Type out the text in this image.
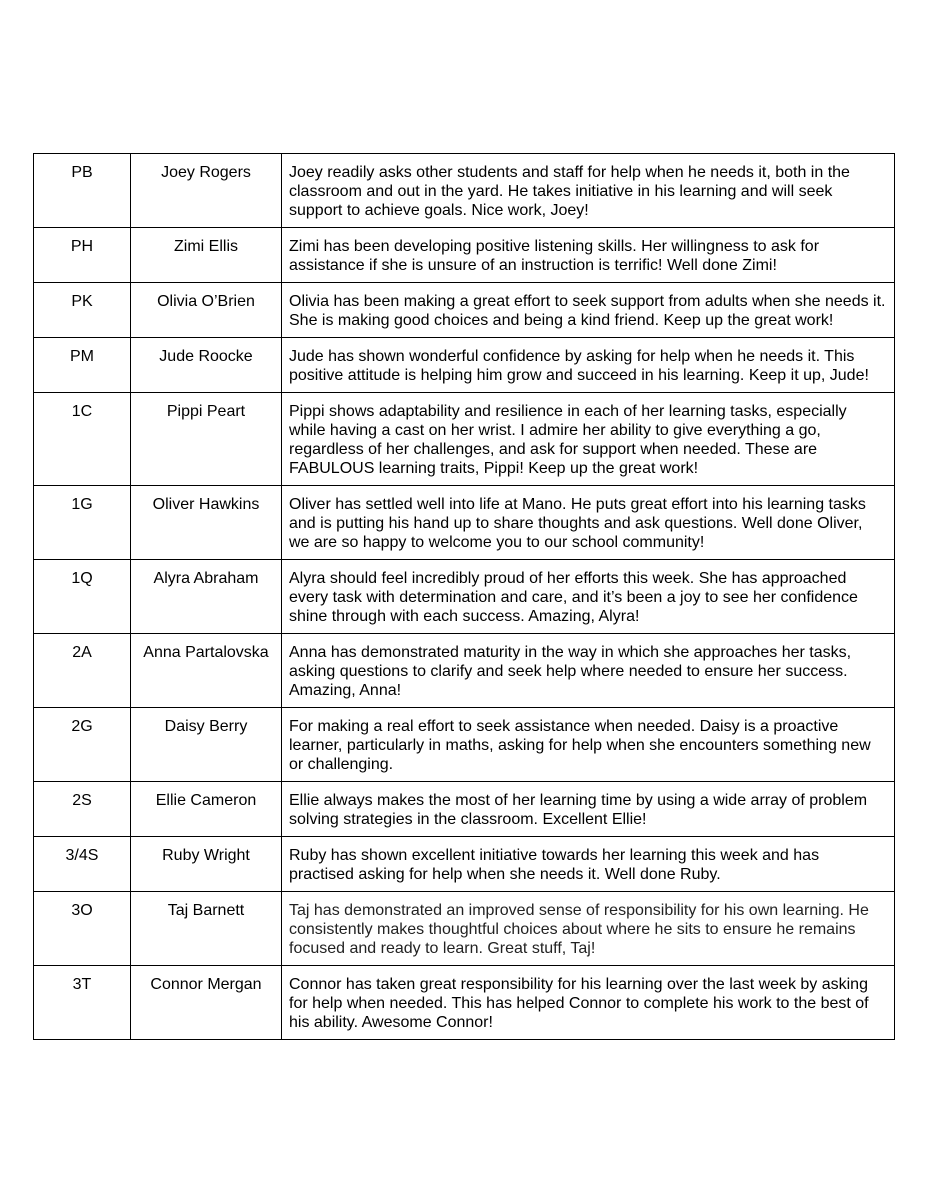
PB	Joey Rogers	Joey readily asks other students and staff for help when he needs it, both in the classroom and out in the yard. He takes initiative in his learning and will seek support to achieve goals. Nice work, Joey!
PH	Zimi Ellis	Zimi has been developing positive listening skills. Her willingness to ask for assistance if she is unsure of an instruction is terrific! Well done Zimi!
PK	Olivia O’Brien	Olivia has been making a great effort to seek support from adults when she needs it. She is making good choices and being a kind friend. Keep up the great work!
PM	Jude Roocke	Jude has shown wonderful confidence by asking for help when he needs it. This positive attitude is helping him grow and succeed in his learning. Keep it up, Jude!
1C	Pippi Peart	Pippi shows adaptability and resilience in each of her learning tasks, especially while having a cast on her wrist. I admire her ability to give everything a go, regardless of her challenges, and ask for support when needed. These are FABULOUS learning traits, Pippi! Keep up the great work!
1G	Oliver Hawkins	Oliver has settled well into life at Mano. He puts great effort into his learning tasks and is putting his hand up to share thoughts and ask questions. Well done Oliver, we are so happy to welcome you to our school community!
1Q	Alyra Abraham	Alyra should feel incredibly proud of her efforts this week. She has approached every task with determination and care, and it’s been a joy to see her confidence shine through with each success. Amazing, Alyra!
2A	Anna Partalovska	Anna has demonstrated maturity in the way in which she approaches her tasks, asking questions to clarify and seek help where needed to ensure her success. Amazing, Anna!
2G	Daisy Berry	For making a real effort to seek assistance when needed. Daisy is a proactive learner, particularly in maths, asking for help when she encounters something new or challenging.
2S	Ellie Cameron	Ellie always makes the most of her learning time by using a wide array of problem solving strategies in the classroom. Excellent Ellie!
3/4S	Ruby Wright	Ruby has shown excellent initiative towards her learning this week and has practised asking for help when she needs it. Well done Ruby.
3O	Taj Barnett	Taj has demonstrated an improved sense of responsibility for his own learning. He consistently makes thoughtful choices about where he sits to ensure he remains focused and ready to learn. Great stuff, Taj!
3T	Connor Mergan	Connor has taken great responsibility for his learning over the last week by asking for help when needed. This has helped Connor to complete his work to the best of his ability. Awesome Connor!
